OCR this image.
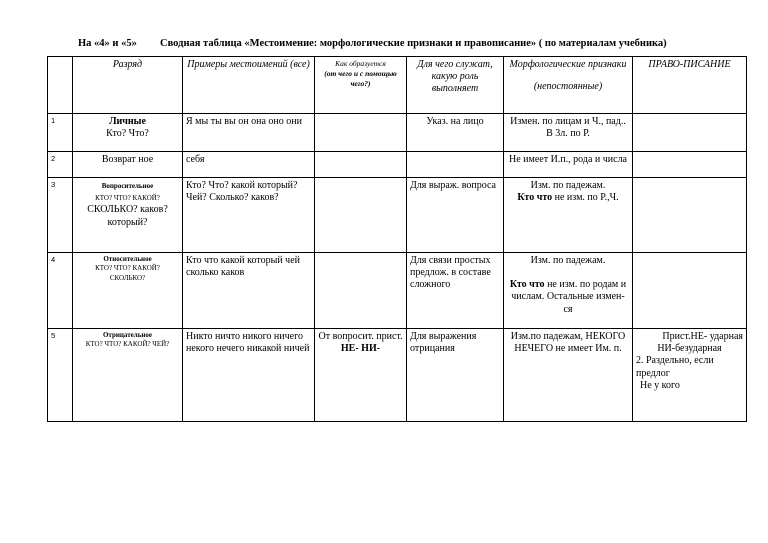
На «4» и «5» Сводная таблица «Местоимение: морфологические признаки и правописание» ( по материалам учебника)
	Разряд	Примеры местоимений (все)	Как образуется
(от чего и с помощью чего?)	Для чего служат, какую роль выполняет	Морфологические признаки
(непостоянные)	ПРАВО-ПИСАНИЕ
1	Личные
Кто? Что?	Я мы ты вы он она оно они		Указ. на лицо	Измен. по лицам и Ч., пад.. В 3л. по Р.	
2	Возврат ное	себя			Не имеет И.п., рода и числа	
3	Вопросительное
КТО? ЧТО? КАКОЙ?
СКОЛЬКО? каков?
который?	Кто? Что? какой который? Чей? Сколько? каков?		Для выраж. вопроса	Изм. по падежам.
Кто что не изм. по Р.,Ч.	
4	Относительное
КТО? ЧТО? КАКОЙ?
СКОЛЬКО?	Кто что какой который чей сколько каков		Для связи простых предлож. в составе сложного	Изм. по падежам.
Кто что не изм. по родам и числам. Остальные измен-ся	
5	Отрицательное
КТО? ЧТО? КАКОЙ? ЧЕЙ?	Никто ничто никого ничего некого нечего никакой ничей	От вопросит. прист.
НЕ- НИ-	Для выражения отрицания	Изм.по падежам, НЕКОГО НЕЧЕГО не имеет Им. п.	Прист.НЕ- ударная
НИ-безударная
2. Раздельно, если предлог
Не у кого
